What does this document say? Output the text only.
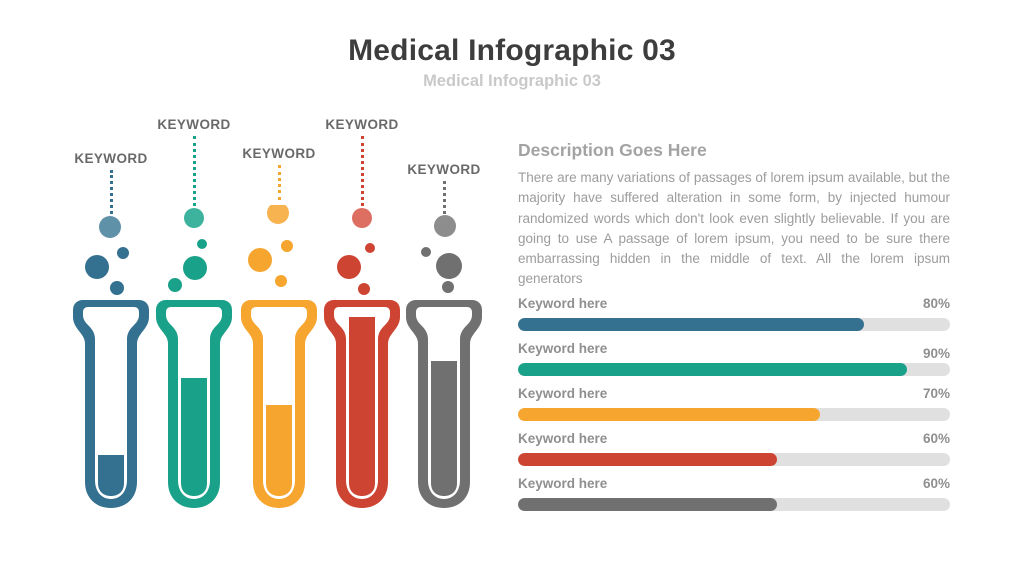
Medical Infographic 03
Medical Infographic 03
KEYWORD
KEYWORD
KEYWORD
KEYWORD
KEYWORD
Description Goes Here
There are many variations of passages of lorem ipsum available, but the majority have suffered alteration in some form, by injected humour randomized words which don't look even slightly believable. If you are going to use A passage of lorem ipsum, you need to be sure there embarrassing hidden in the middle of text. All the lorem ipsum generators
Keyword here	80%
Keyword here	90%
Keyword here	70%
Keyword here	60%
Keyword here	60%
